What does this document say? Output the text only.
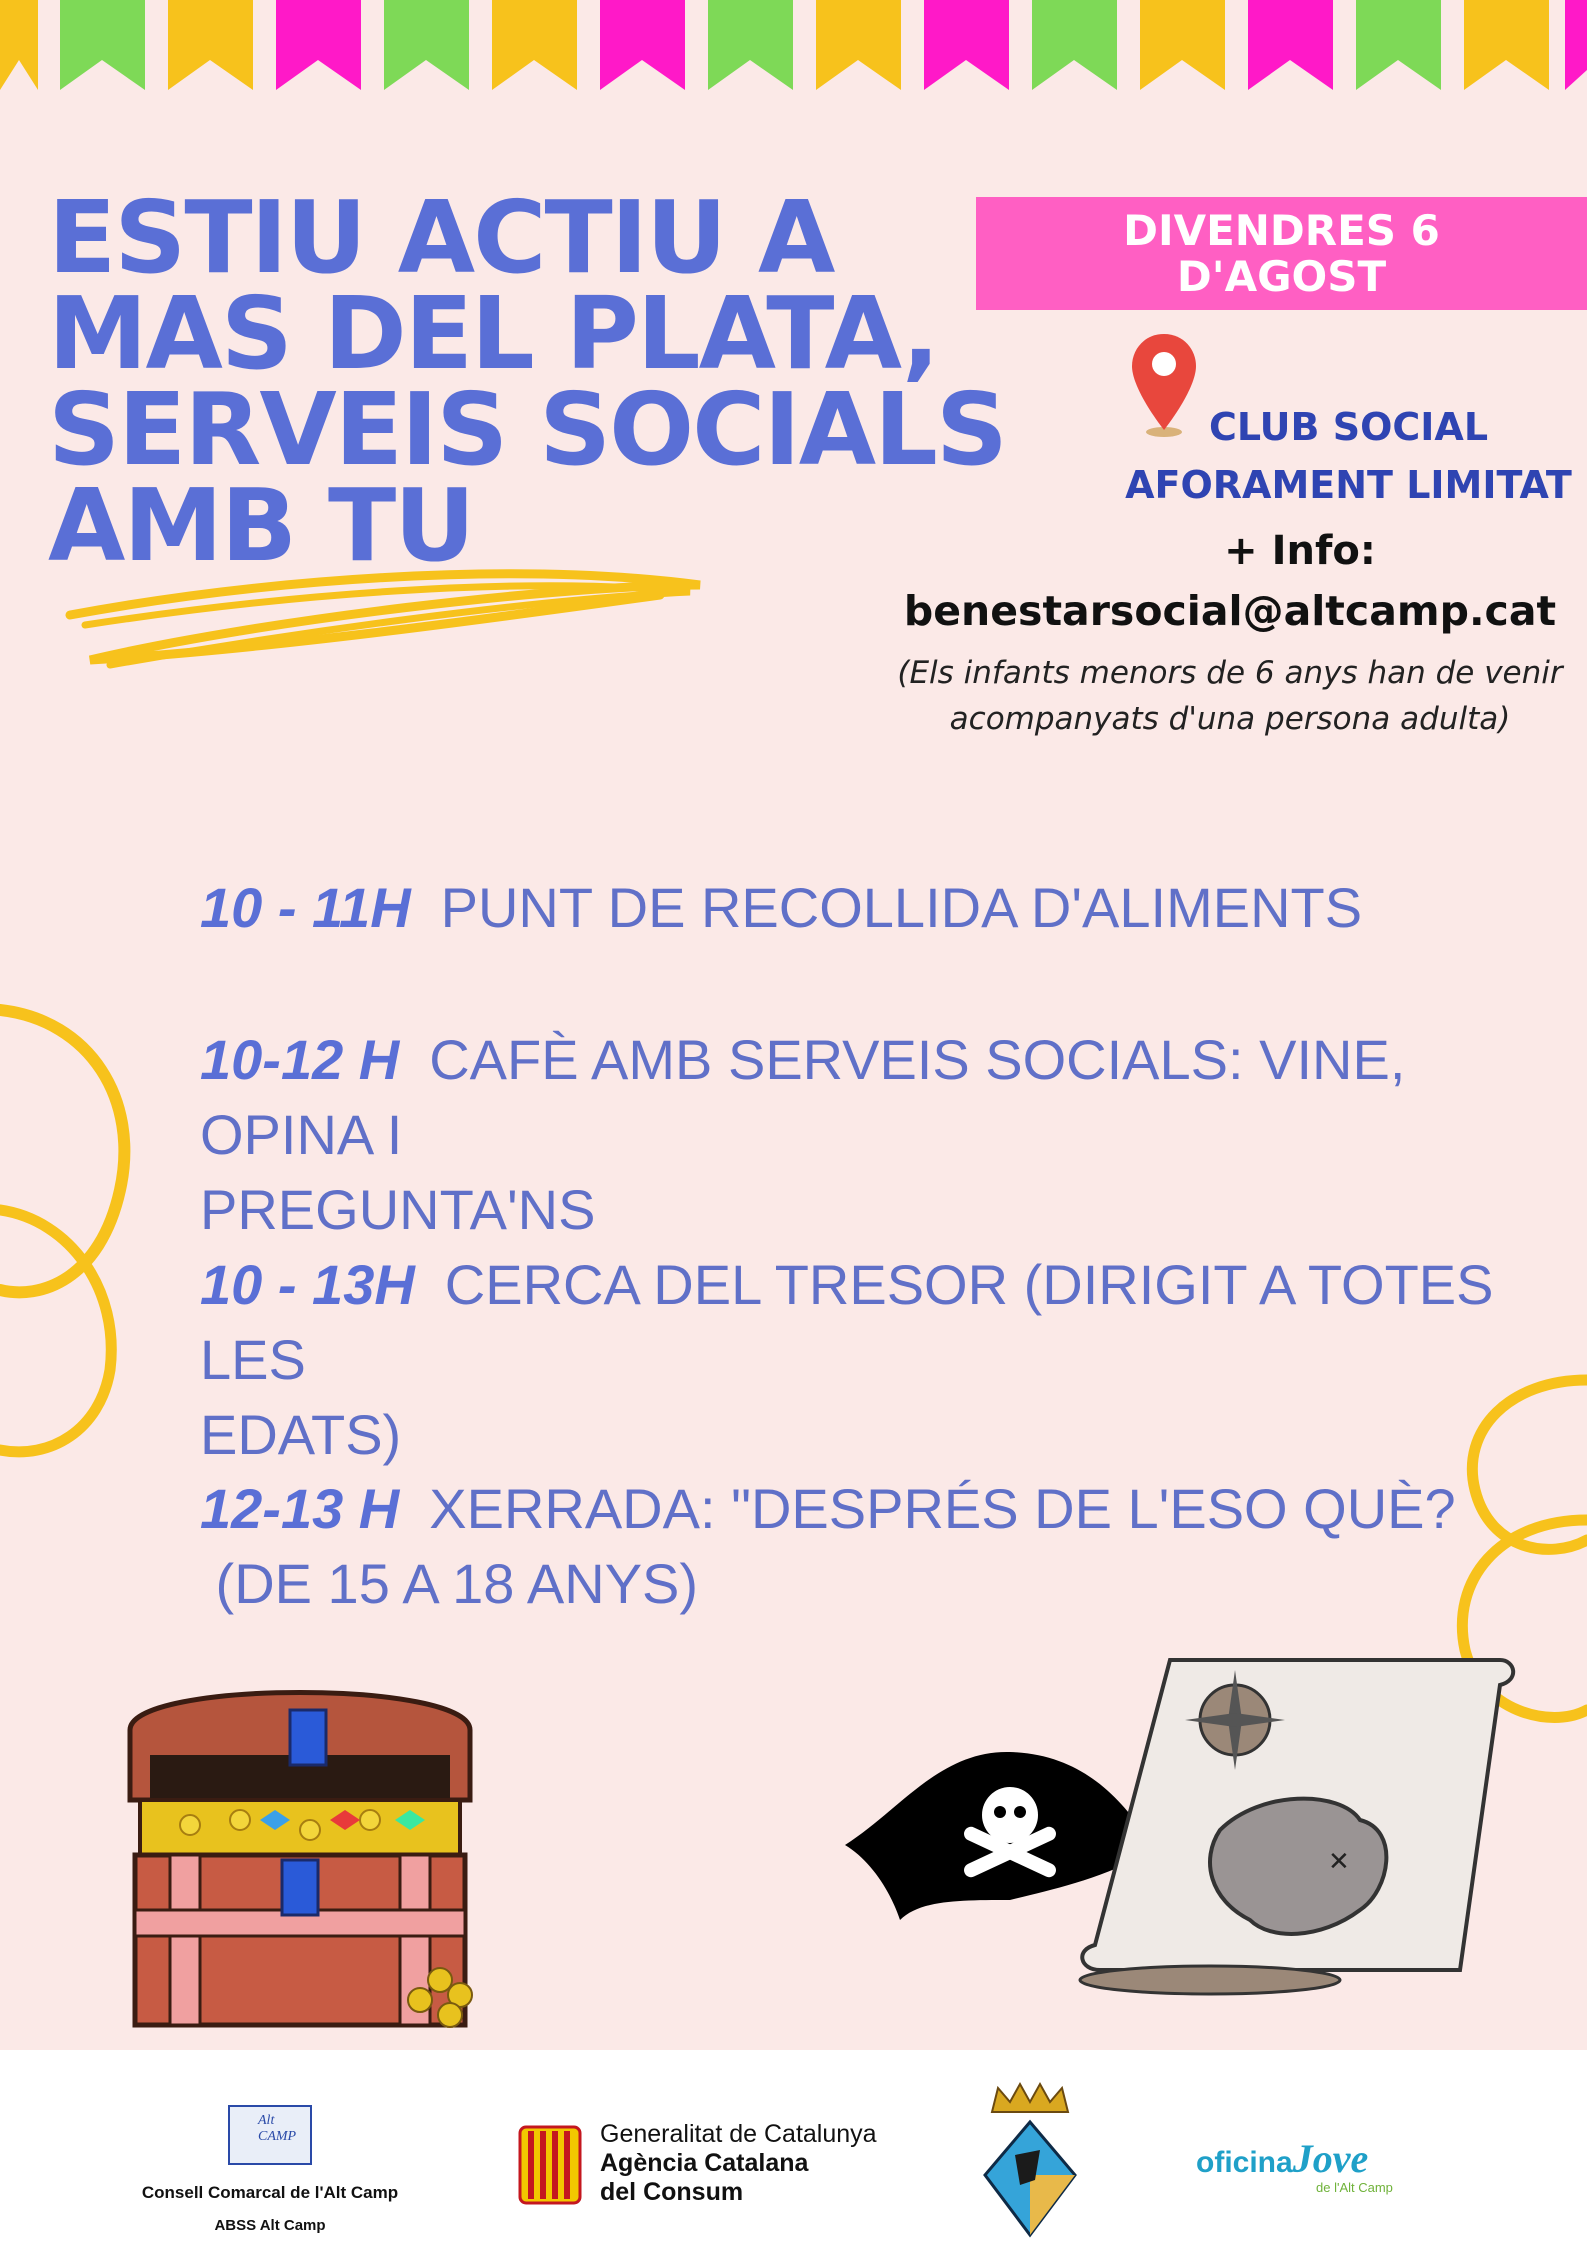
ESTIU ACTIU A
MAS DEL PLATA,
SERVEIS SOCIALS
AMB TU
DIVENDRES 6
D'AGOST
CLUB SOCIAL
AFORAMENT LIMITAT
+ Info:
benestarsocial@altcamp.cat
(Els infants menors de 6 anys han de venir
acompanyats d'una persona adulta)
10 - 11H PUNT DE RECOLLIDA D'ALIMENTS
10-12 H CAFÈ AMB SERVEIS SOCIALS: VINE, OPINA I
PREGUNTA'NS
10 - 13H CERCA DEL TRESOR (DIRIGIT A TOTES LES
EDATS)
12-13 H XERRADA: "DESPRÉS DE L'ESO QUÈ?
(DE 15 A 18 ANYS)
✕
Alt CAMP
Consell Comarcal de l'Alt Camp
ABSS Alt Camp
Generalitat de Catalunya
Agència Catalana
del Consum
oficinaJove
de l'Alt Camp
